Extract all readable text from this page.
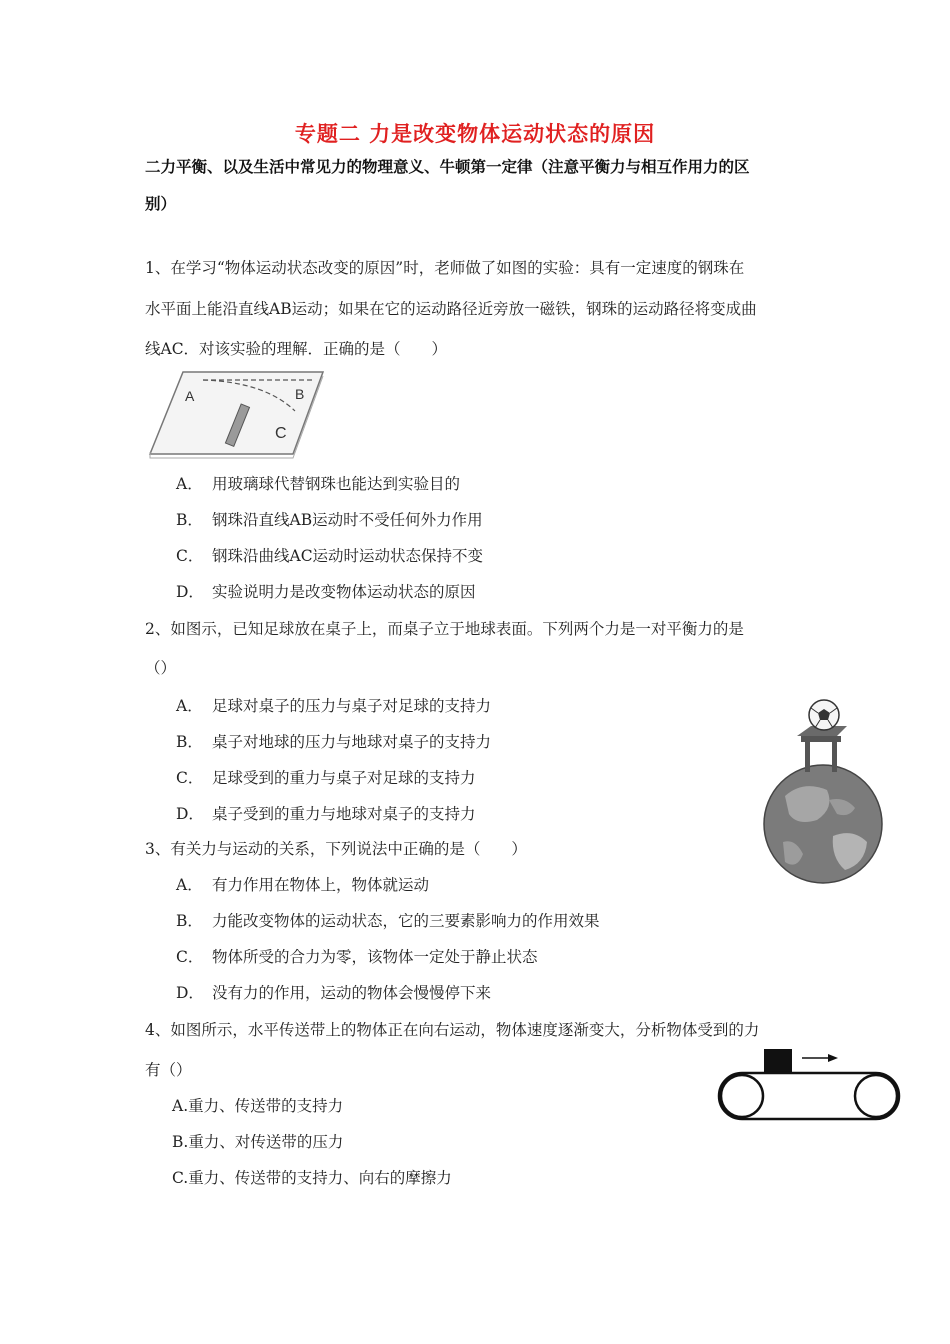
专题二 力是改变物体运动状态的原因
二力平衡、以及生活中常见力的物理意义、牛顿第一定律（注意平衡力与相互作用力的区
别）
1、在学习“物体运动状态改变的原因”时，老师做了如图的实验：具有一定速度的钢珠在
水平面上能沿直线AB运动；如果在它的运动路径近旁放一磁铁，钢珠的运动路径将变成曲
线AC．对该实验的理解．正确的是（　　）
A	B
C
A． 用玻璃球代替钢珠也能达到实验目的
B． 钢珠沿直线AB运动时不受任何外力作用
C． 钢珠沿曲线AC运动时运动状态保持不变
D． 实验说明力是改变物体运动状态的原因
2、如图示，已知足球放在桌子上，而桌子立于地球表面。下列两个力是一对平衡力的是
（）
A． 足球对桌子的压力与桌子对足球的支持力
B． 桌子对地球的压力与地球对桌子的支持力
C． 足球受到的重力与桌子对足球的支持力
D． 桌子受到的重力与地球对桌子的支持力
3、有关力与运动的关系，下列说法中正确的是（　　）
A． 有力作用在物体上，物体就运动
B． 力能改变物体的运动状态，它的三要素影响力的作用效果
C． 物体所受的合力为零，该物体一定处于静止状态
D． 没有力的作用，运动的物体会慢慢停下来
4、如图所示，水平传送带上的物体正在向右运动，物体速度逐渐变大，分析物体受到的力
有（）
A.重力、传送带的支持力
B.重力、对传送带的压力
C.重力、传送带的支持力、向右的摩擦力
